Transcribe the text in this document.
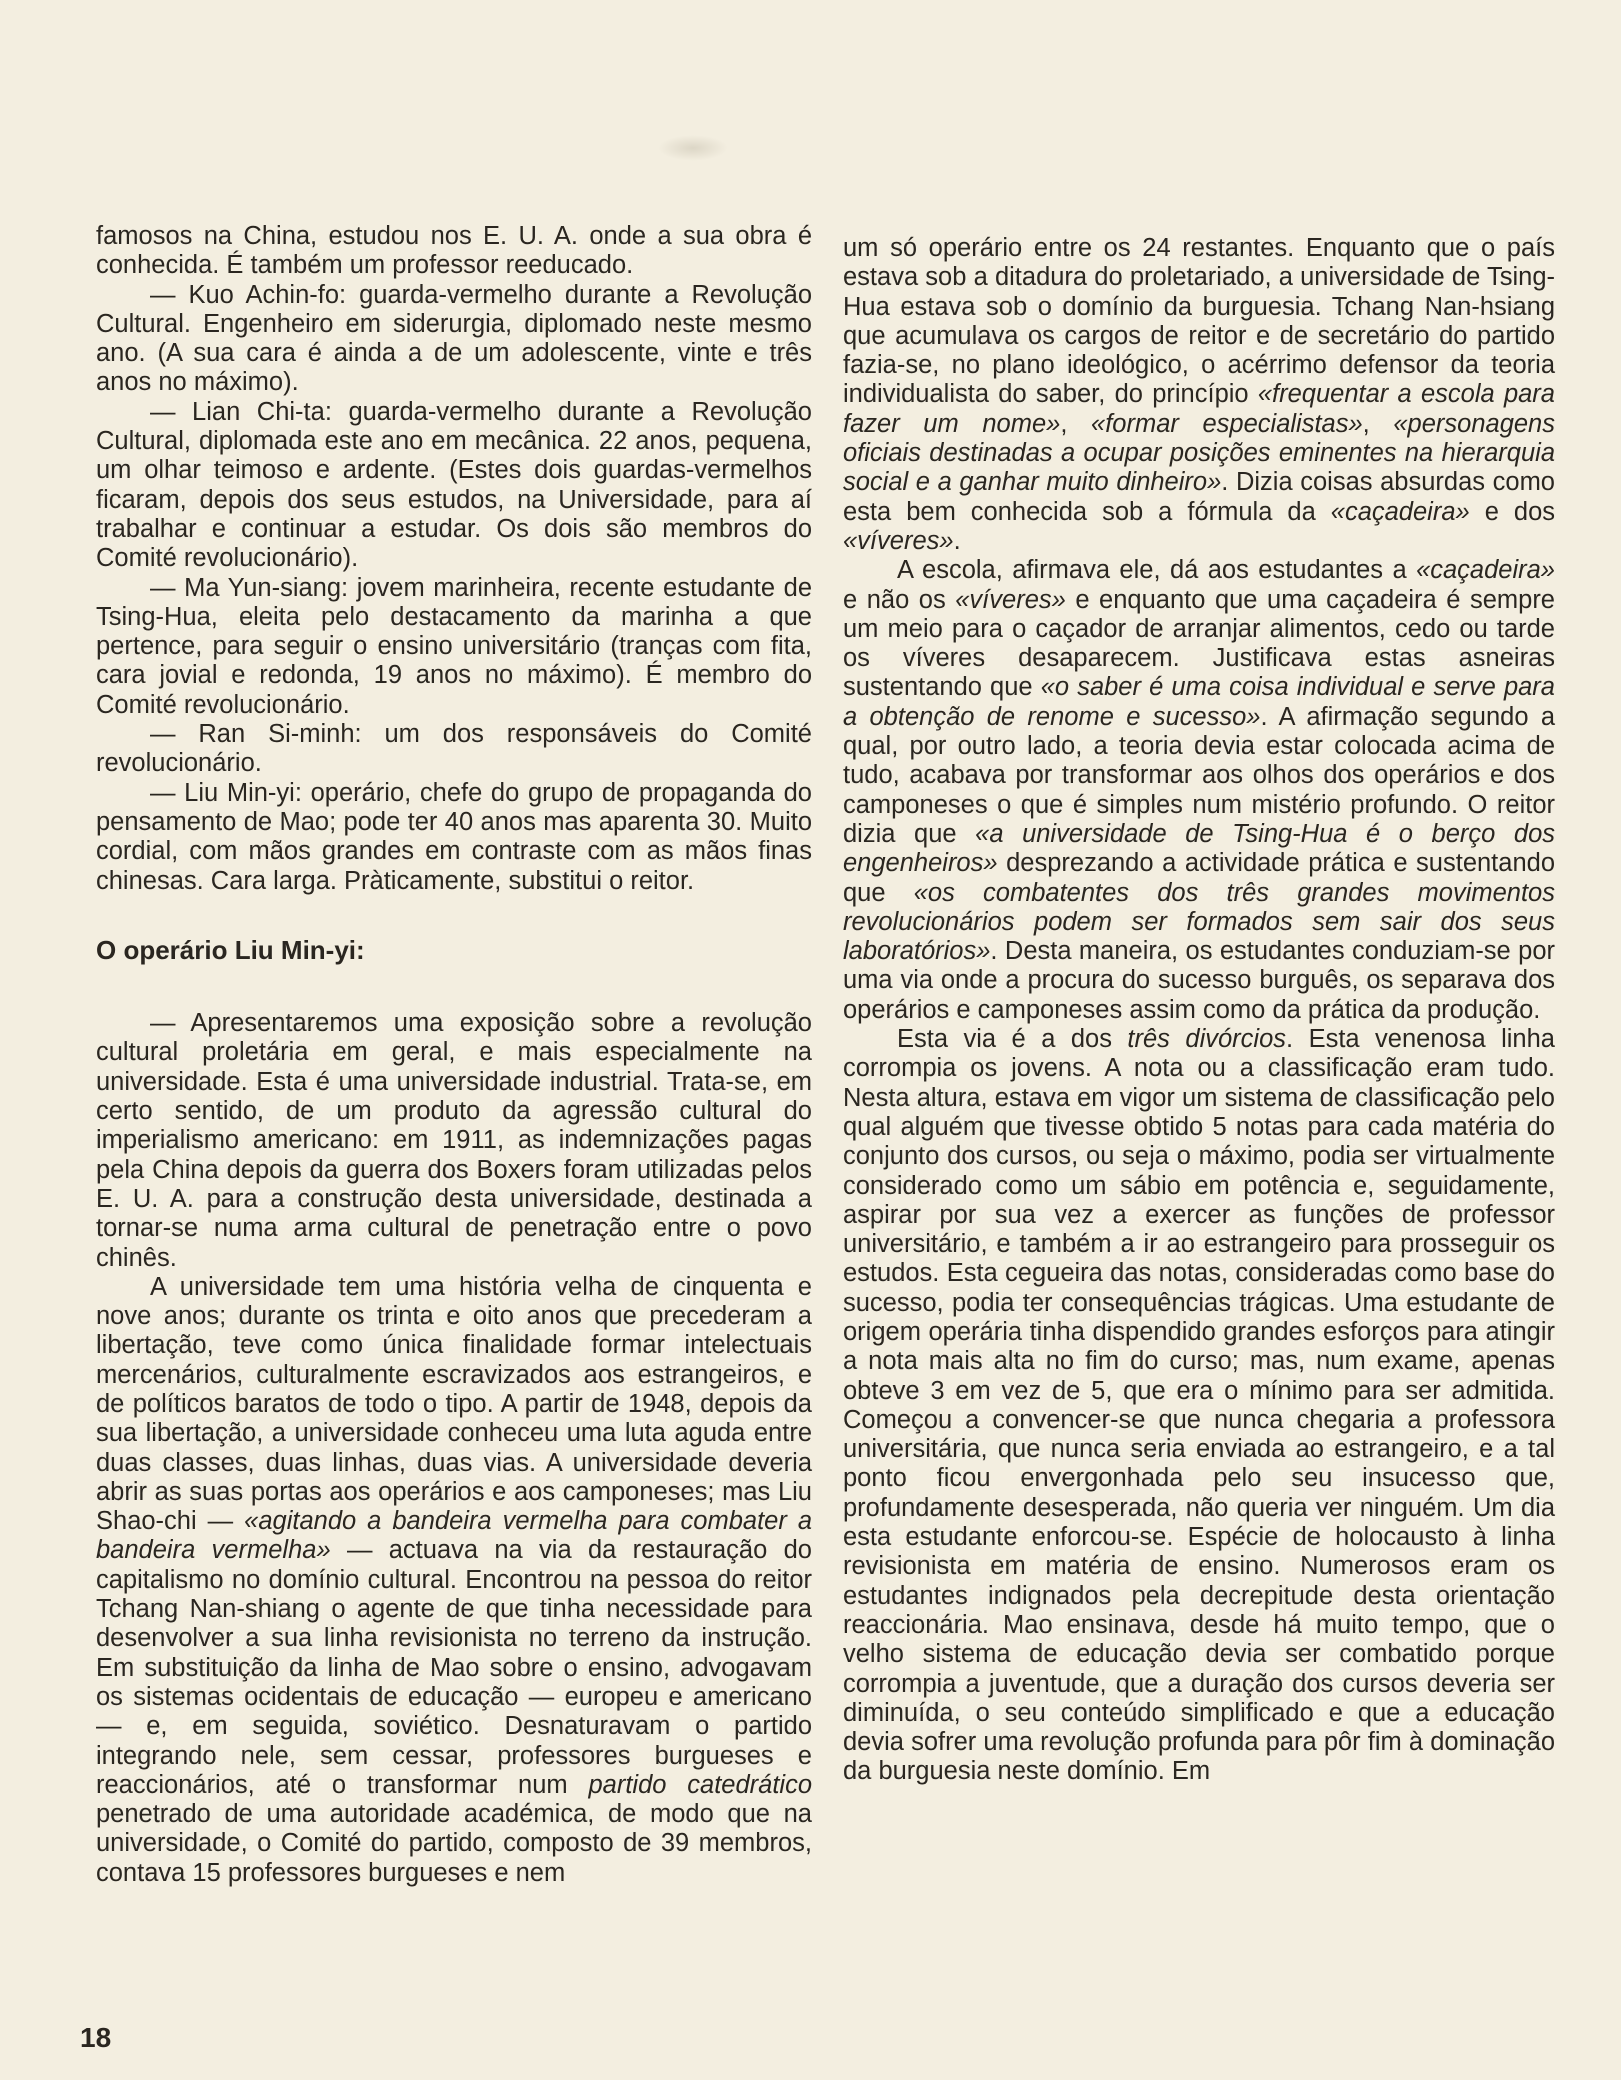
famosos na China, estudou nos E. U. A. onde a sua obra é conhecida. É também um professor reeducado.

— Kuo Achin-fo: guarda-vermelho durante a Revolução Cultural. Engenheiro em siderurgia, diplomado neste mesmo ano. (A sua cara é ainda a de um adolescente, vinte e três anos no máximo).

— Lian Chi-ta: guarda-vermelho durante a Revolução Cultural, diplomada este ano em mecânica. 22 anos, pequena, um olhar teimoso e ardente. (Estes dois guardas-vermelhos ficaram, depois dos seus estudos, na Universidade, para aí trabalhar e continuar a estudar. Os dois são membros do Comité revolucionário).

— Ma Yun-siang: jovem marinheira, recente estudante de Tsing-Hua, eleita pelo destacamento da marinha a que pertence, para seguir o ensino universitário (tranças com fita, cara jovial e redonda, 19 anos no máximo). É membro do Comité revolucionário.

— Ran Si-minh: um dos responsáveis do Comité revolucionário.

— Liu Min-yi: operário, chefe do grupo de propaganda do pensamento de Mao; pode ter 40 anos mas aparenta 30. Muito cordial, com mãos grandes em contraste com as mãos finas chinesas. Cara larga. Pràticamente, substitui o reitor.

O operário Liu Min-yi:

— Apresentaremos uma exposição sobre a revolução cultural proletária em geral, e mais especialmente na universidade. Esta é uma universidade industrial. Trata-se, em certo sentido, de um produto da agressão cultural do imperialismo americano: em 1911, as indemnizações pagas pela China depois da guerra dos Boxers foram utilizadas pelos E. U. A. para a construção desta universidade, destinada a tornar-se numa arma cultural de penetração entre o povo chinês.

A universidade tem uma história velha de cinquenta e nove anos; durante os trinta e oito anos que precederam a libertação, teve como única finalidade formar intelectuais mercenários, culturalmente escravizados aos estrangeiros, e de políticos baratos de todo o tipo. A partir de 1948, depois da sua libertação, a universidade conheceu uma luta aguda entre duas classes, duas linhas, duas vias. A universidade deveria abrir as suas portas aos operários e aos camponeses; mas Liu Shao-chi — «agitando a bandeira vermelha para combater a bandeira vermelha» — actuava na via da restauração do capitalismo no domínio cultural. Encontrou na pessoa do reitor Tchang Nan-shiang o agente de que tinha necessidade para desenvolver a sua linha revisionista no terreno da instrução. Em substituição da linha de Mao sobre o ensino, advogavam os sistemas ocidentais de educação — europeu e americano — e, em seguida, soviético. Desnaturavam o partido integrando nele, sem cessar, professores burgueses e reaccionários, até o transformar num partido catedrático penetrado de uma autoridade académica, de modo que na universidade, o Comité do partido, composto de 39 membros, contava 15 professores burgueses e nem

um só operário entre os 24 restantes. Enquanto que o país estava sob a ditadura do proletariado, a universidade de Tsing-Hua estava sob o domínio da burguesia. Tchang Nan-hsiang que acumulava os cargos de reitor e de secretário do partido fazia-se, no plano ideológico, o acérrimo defensor da teoria individualista do saber, do princípio «frequentar a escola para fazer um nome», «formar especialistas», «personagens oficiais destinadas a ocupar posições eminentes na hierarquia social e a ganhar muito dinheiro». Dizia coisas absurdas como esta bem conhecida sob a fórmula da «caçadeira» e dos «víveres».

A escola, afirmava ele, dá aos estudantes a «caçadeira» e não os «víveres» e enquanto que uma caçadeira é sempre um meio para o caçador de arranjar alimentos, cedo ou tarde os víveres desaparecem. Justificava estas asneiras sustentando que «o saber é uma coisa individual e serve para a obtenção de renome e sucesso». A afirmação segundo a qual, por outro lado, a teoria devia estar colocada acima de tudo, acabava por transformar aos olhos dos operários e dos camponeses o que é simples num mistério profundo. O reitor dizia que «a universidade de Tsing-Hua é o berço dos engenheiros» desprezando a actividade prática e sustentando que «os combatentes dos três grandes movimentos revolucionários podem ser formados sem sair dos seus laboratórios». Desta maneira, os estudantes conduziam-se por uma via onde a procura do sucesso burguês, os separava dos operários e camponeses assim como da prática da produção.

Esta via é a dos três divórcios. Esta venenosa linha corrompia os jovens. A nota ou a classificação eram tudo. Nesta altura, estava em vigor um sistema de classificação pelo qual alguém que tivesse obtido 5 notas para cada matéria do conjunto dos cursos, ou seja o máximo, podia ser virtualmente considerado como um sábio em potência e, seguidamente, aspirar por sua vez a exercer as funções de professor universitário, e também a ir ao estrangeiro para prosseguir os estudos. Esta cegueira das notas, consideradas como base do sucesso, podia ter consequências trágicas. Uma estudante de origem operária tinha dispendido grandes esforços para atingir a nota mais alta no fim do curso; mas, num exame, apenas obteve 3 em vez de 5, que era o mínimo para ser admitida. Começou a convencer-se que nunca chegaria a professora universitária, que nunca seria enviada ao estrangeiro, e a tal ponto ficou envergonhada pelo seu insucesso que, profundamente desesperada, não queria ver ninguém. Um dia esta estudante enforcou-se. Espécie de holocausto à linha revisionista em matéria de ensino. Numerosos eram os estudantes indignados pela decrepitude desta orientação reaccionária. Mao ensinava, desde há muito tempo, que o velho sistema de educação devia ser combatido porque corrompia a juventude, que a duração dos cursos deveria ser diminuída, o seu conteúdo simplificado e que a educação devia sofrer uma revolução profunda para pôr fim à dominação da burguesia neste domínio. Em

18
